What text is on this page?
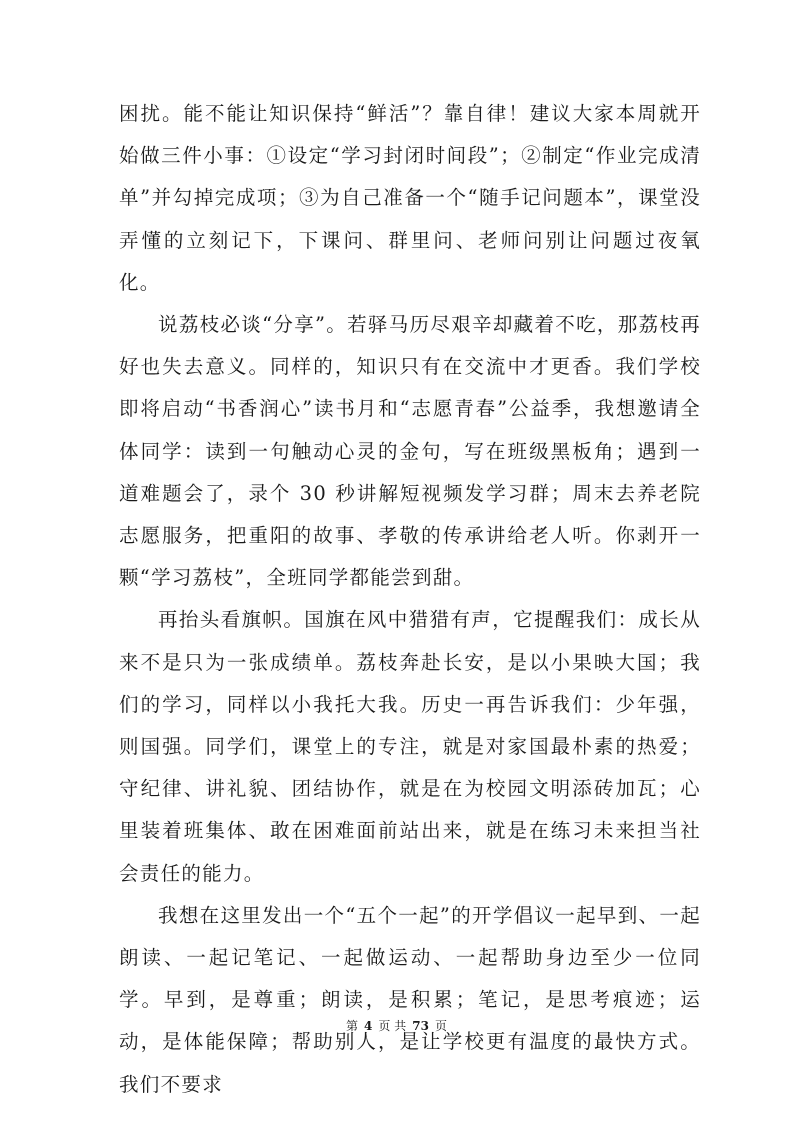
困扰。能不能让知识保持“鲜活”？靠自律！建议大家本周就开始做三件小事：①设定“学习封闭时间段”；②制定“作业完成清单”并勾掉完成项；③为自己准备一个“随手记问题本”，课堂没弄懂的立刻记下，下课问、群里问、老师问别让问题过夜氧化。

说荔枝必谈“分享”。若驿马历尽艰辛却藏着不吃，那荔枝再好也失去意义。同样的，知识只有在交流中才更香。我们学校即将启动“书香润心”读书月和“志愿青春”公益季，我想邀请全体同学：读到一句触动心灵的金句，写在班级黑板角；遇到一道难题会了，录个 30 秒讲解短视频发学习群；周末去养老院志愿服务，把重阳的故事、孝敬的传承讲给老人听。你剥开一颗“学习荔枝”，全班同学都能尝到甜。

再抬头看旗帜。国旗在风中猎猎有声，它提醒我们：成长从来不是只为一张成绩单。荔枝奔赴长安，是以小果映大国；我们的学习，同样以小我托大我。历史一再告诉我们：少年强，则国强。同学们，课堂上的专注，就是对家国最朴素的热爱；守纪律、讲礼貌、团结协作，就是在为校园文明添砖加瓦；心里装着班集体、敢在困难面前站出来，就是在练习未来担当社会责任的能力。

我想在这里发出一个“五个一起”的开学倡议一起早到、一起朗读、一起记笔记、一起做运动、一起帮助身边至少一位同学。早到，是尊重；朗读，是积累；笔记，是思考痕迹；运动，是体能保障；帮助别人，是让学校更有温度的最快方式。我们不要求

第 4 页 共 73 页
